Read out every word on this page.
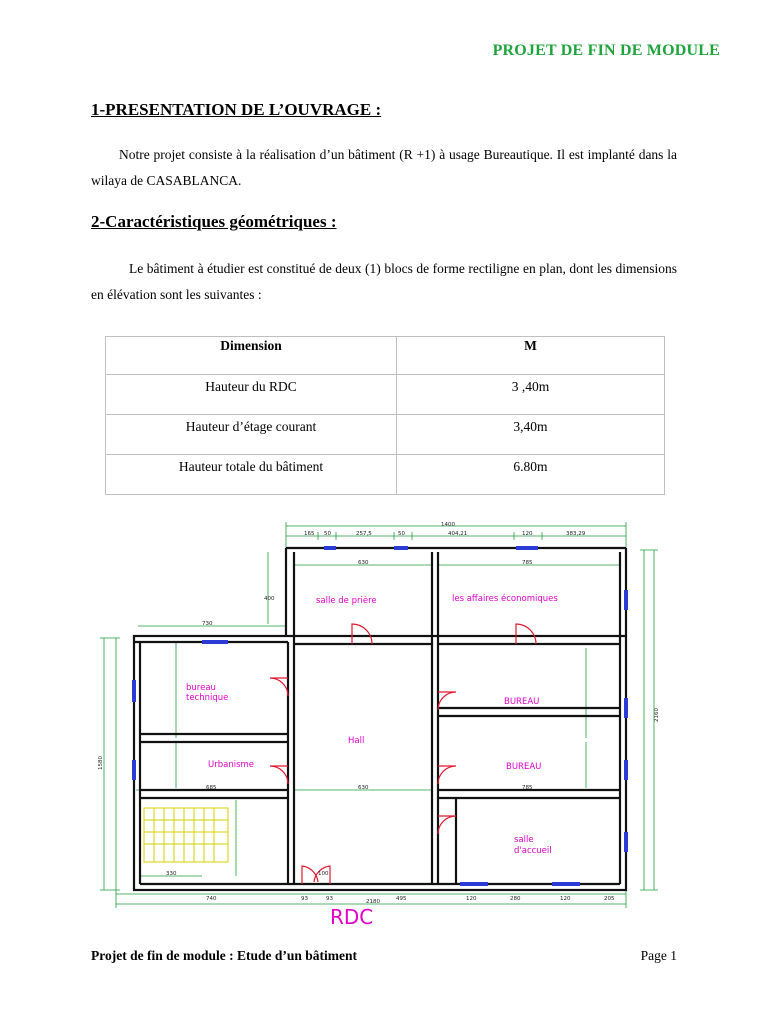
PROJET DE FIN DE MODULE
1-PRESENTATION DE L’OUVRAGE :
Notre projet consiste à la réalisation d’un bâtiment (R +1) à usage Bureautique. Il est implanté dans la wilaya de CASABLANCA.
2-Caractéristiques géométriques :
Le bâtiment à étudier est constitué de deux (1) blocs de forme rectiligne en plan, dont les dimensions en élévation sont les suivantes :
Dimension	M
Hauteur du RDC	3 ,40m
Hauteur d’étage courant	3,40m
Hauteur totale du bâtiment	6.80m
salle de prière	les affaires économiques
bureau
technique	BUREAU
Hall
Urbanisme	BUREAU
salle
d'accueil
1400
165 50	257,5	50	404,21	120	383,29
630	785
730
400
685	630	785
330	100
740	93	93	2180	495	120	280	120	205
1580
2160
RDC
Projet de fin de module : Etude d’un bâtiment	Page 1
